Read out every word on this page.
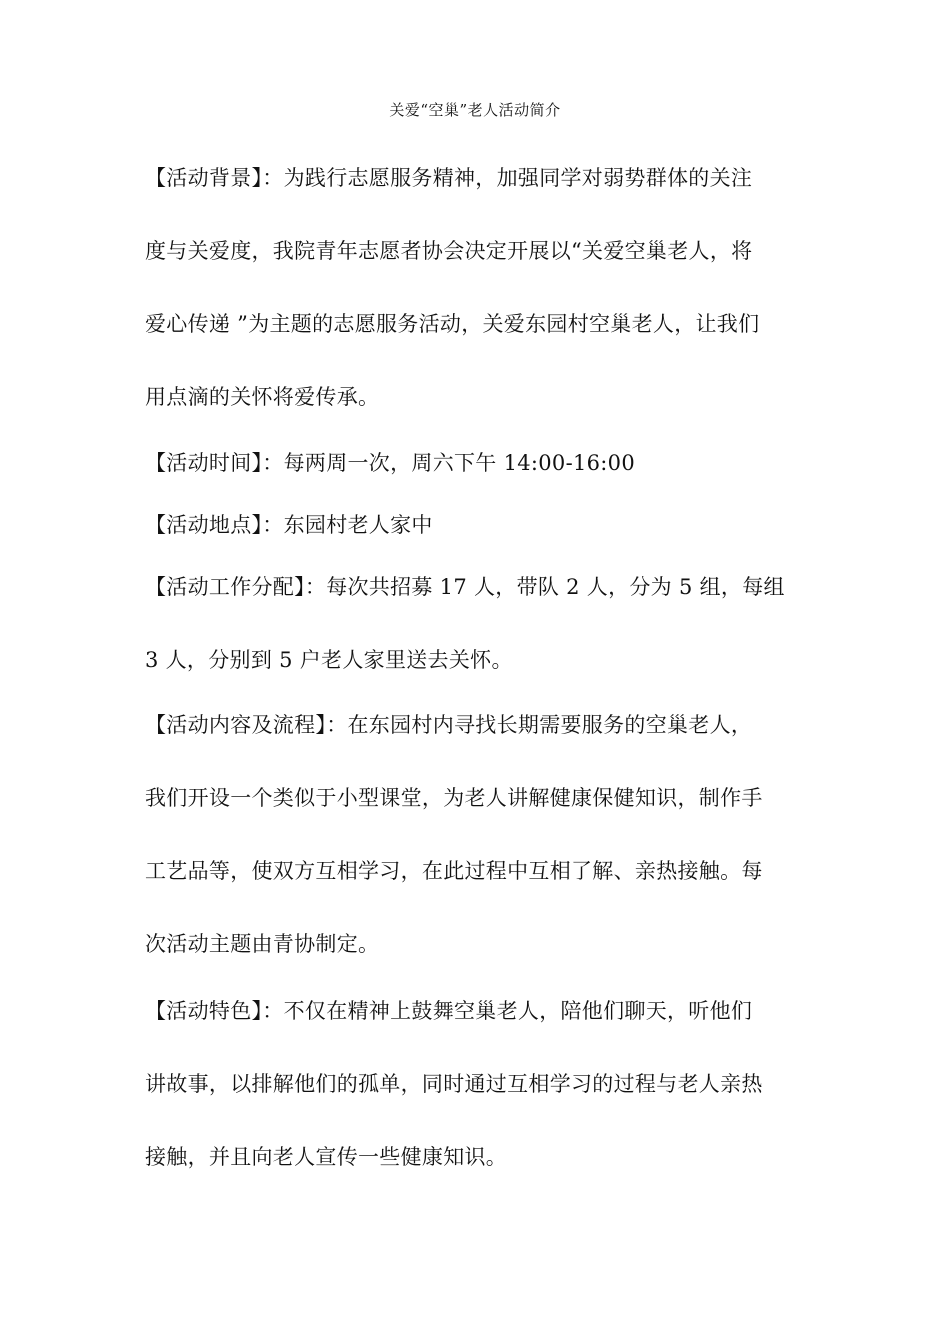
关爱“空巢”老人活动简介
【活动背景】：为践行志愿服务精神，加强同学对弱势群体的关注
度与关爱度，我院青年志愿者协会决定开展以“关爱空巢老人，将
爱心传递 ”为主题的志愿服务活动，关爱东园村空巢老人，让我们
用点滴的关怀将爱传承。
【活动时间】：每两周一次，周六下午 14:00-16:00
【活动地点】：东园村老人家中
【活动工作分配】：每次共招募 17 人，带队 2 人，分为 5 组，每组
3 人，分别到 5 户老人家里送去关怀。
【活动内容及流程】：在东园村内寻找长期需要服务的空巢老人，
我们开设一个类似于小型课堂，为老人讲解健康保健知识，制作手
工艺品等，使双方互相学习，在此过程中互相了解、亲热接触。每
次活动主题由青协制定。
【活动特色】：不仅在精神上鼓舞空巢老人，陪他们聊天，听他们
讲故事，以排解他们的孤单，同时通过互相学习的过程与老人亲热
接触，并且向老人宣传一些健康知识。
